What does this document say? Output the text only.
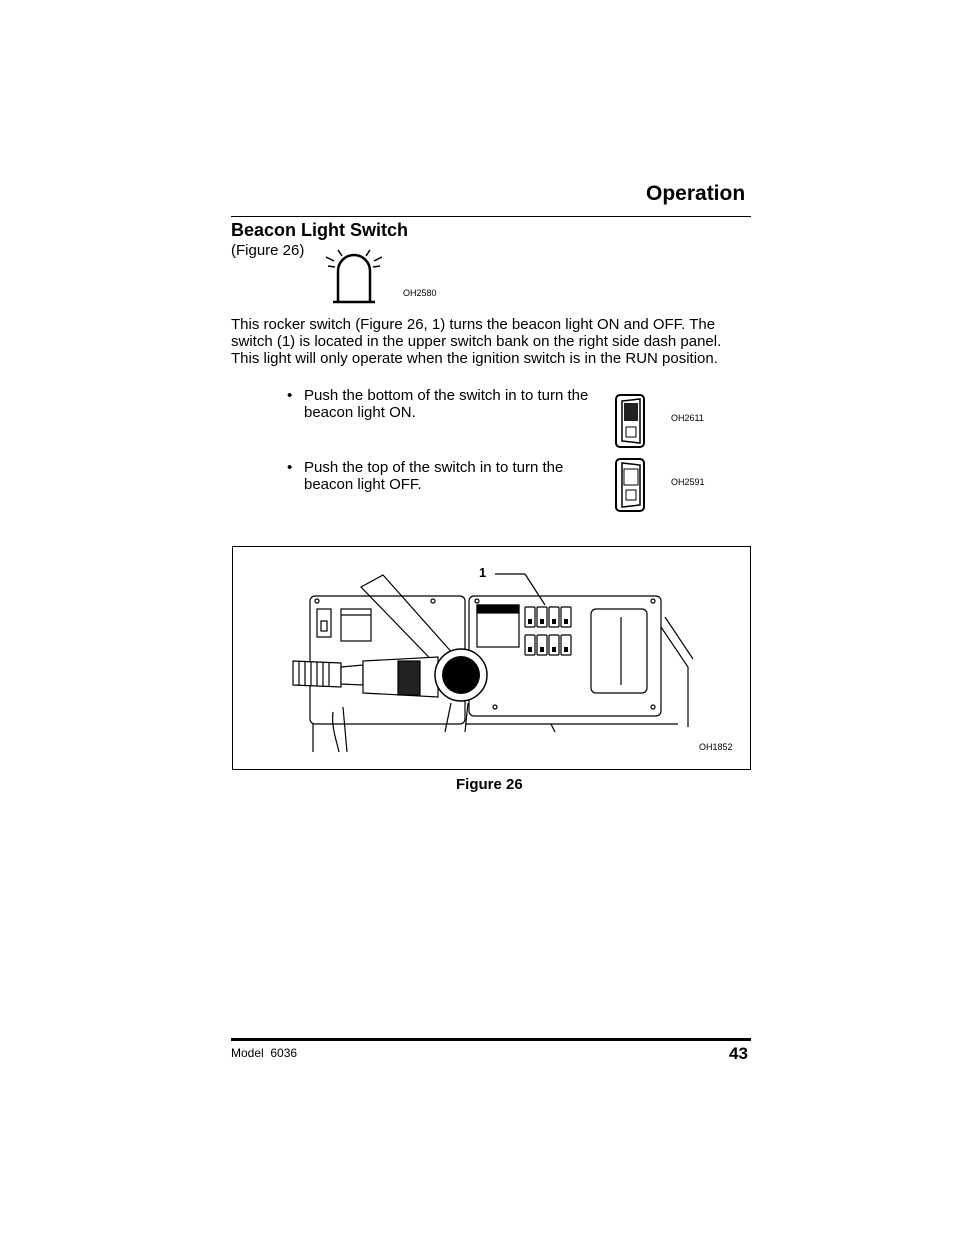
Operation
Beacon Light Switch
(Figure 26)
OH2580
This rocker switch (Figure 26, 1) turns the beacon light ON and OFF. The switch (1) is located in the upper switch bank on the right side dash panel. This light will only operate when the ignition switch is in the RUN position.
• Push the bottom of the switch in to turn the beacon light ON.	OH2611
• Push the top of the switch in to turn the beacon light OFF.	OH2591
1
OH1852
Figure 26
Model  6036	43
